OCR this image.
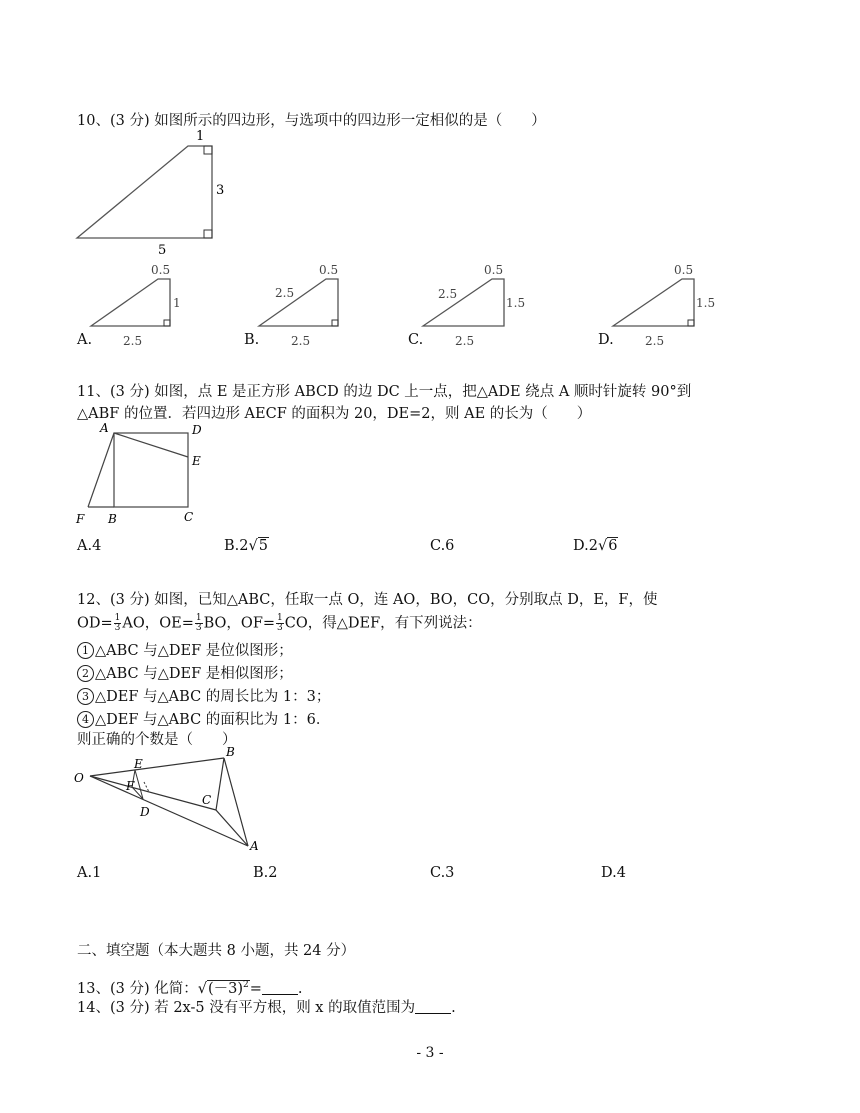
10、(3 分) 如图所示的四边形，与选项中的四边形一定相似的是（　　）
1
3
5
A.
0.5
1
2.5	B.
0.5
2.5
2.5	C.
0.5
2.5
1.5
2.5	D.
0.5
1.5
2.5
11、(3 分) 如图，点 E 是正方形 ABCD 的边 DC 上一点，把△ADE 绕点 A 顺时针旋转 90°到
△ABF 的位置．若四边形 AECF 的面积为 20，DE=2，则 AE 的长为（　　）
A	D
E
C
B
F
A.4	B.2√5	C.6	D.2√6
12、(3 分) 如图，已知△ABC，任取一点 O，连 AO，BO，CO，分别取点 D，E，F，使
$OD= \frac{1}{3}$ AO，$OE= \frac{1}{3}$ BO，$OF= \frac{1}{3}$ CO，得△DEF，有下列说法：
1 △ABC 与△DEF 是位似图形；
2 △ABC 与△DEF 是相似图形；
3 △DEF 与△ABC 的周长比为 1：3；
4 △DEF 与△ABC 的面积比为 1：6．
则正确的个数是（　　）
O
B
C
A
E
F
D
A.1	B.2	C.3	D.4
二、填空题（本大题共 8 小题，共 24 分）
13、(3 分) 化简：$√(-3)^2=$ .
14、(3 分) 若 2x-5 没有平方根，则 x 的取值范围为 .
- 3 -
